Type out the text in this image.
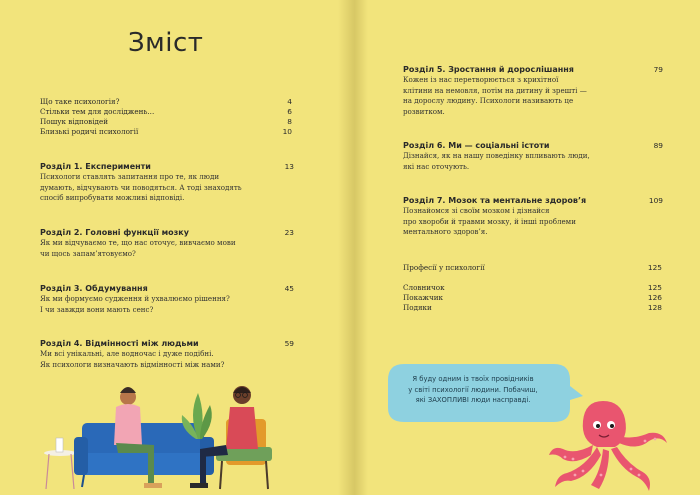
Зміст
Що таке психологія?	4
Стільки тем для досліджень...	6
Пошук відповідей	8
Близькі родичі психології	10
Розділ 1. Експерименти	13
Психологи ставлять запитання про те, як люди
думають, відчувають чи поводяться. А тоді знаходять
спосіб випробувати можливі відповіді.
Розділ 2. Головні функції мозку	23
Як ми відчуваємо те, що нас оточує, вивчаємо мови
чи щось запам’ятовуємо?
Розділ 3. Обдумування	45
Як ми формуємо судження й ухвалюємо рішення?
І чи завжди вони мають сенс?
Розділ 4. Відмінності між людьми	59
Ми всі унікальні, але водночас і дуже подібні.
Як психологи визначають відмінності між нами?
Розділ 5. Зростання й дорослішання	79
Кожен із нас перетворюється з крихітної
клітини на немовля, потім на дитину й зрешті —
на дорослу людину. Психологи називають це
розвитком.
Розділ 6. Ми — соціальні істоти	89
Дізнайся, як на нашу поведінку впливають люди,
які нас оточують.
Розділ 7. Мозок та ментальне здоров’я	109
Познайомся зі своїм мозком і дізнайся
про хвороби й травми мозку, й інші проблеми
ментального здоров’я.
Професії у психології	125
Словничок	125
Покажчик	126
Подяки	128
Я буду одним із твоїх провідників
у світі психології людини. Побачиш,
які ЗАХОПЛИВІ люди насправді.
